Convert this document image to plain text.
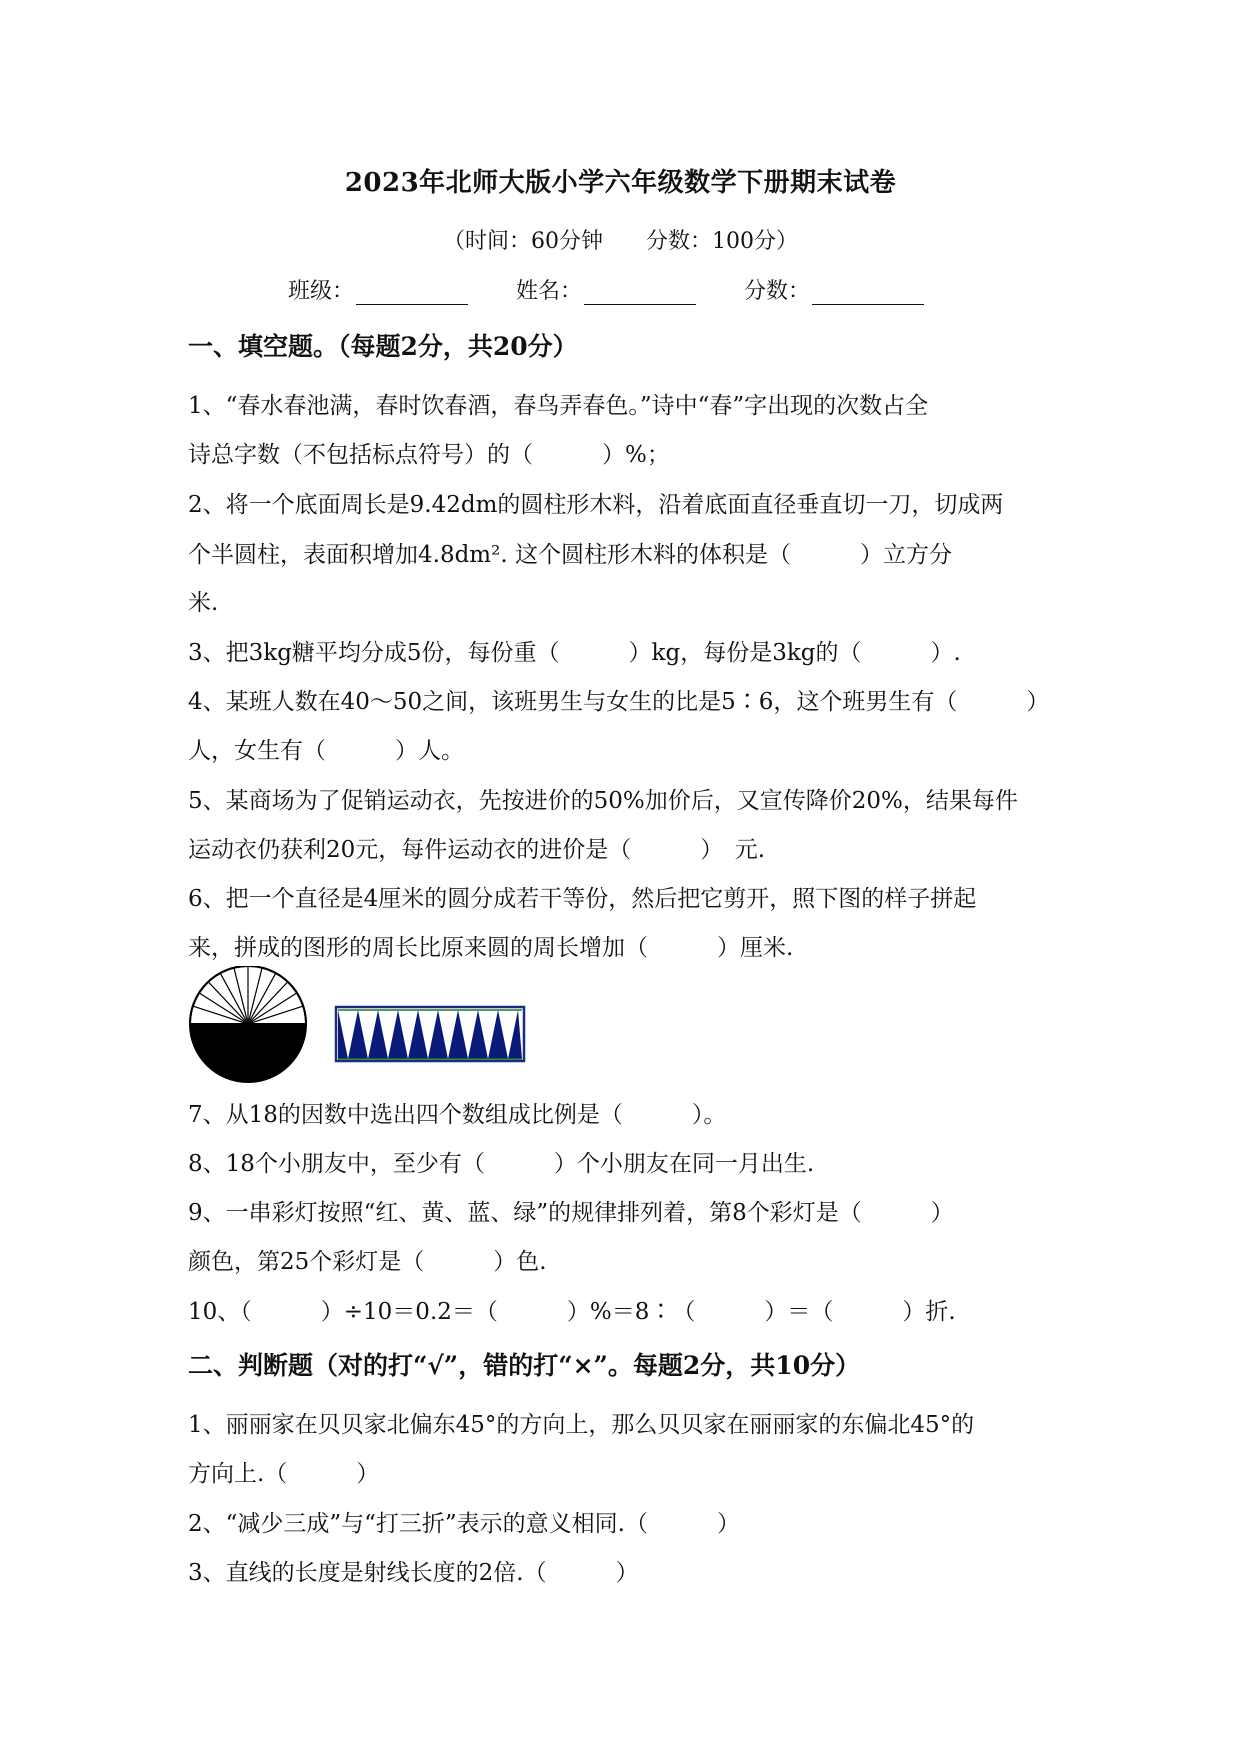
2023年北师大版小学六年级数学下册期末试卷
（时间：60分钟 分数：100分）
班级：	姓名：	分数：
一、填空题。（每题2分，共20分）
1、“春水春池满，春时饮春酒，春鸟弄春色。”诗中“春”字出现的次数占全
诗总字数（不包括标点符号）的（　　　）%；
2、将一个底面周长是9.42dm的圆柱形木料，沿着底面直径垂直切一刀，切成两
个半圆柱，表面积增加4.8dm². 这个圆柱形木料的体积是（　　　）立方分
米.
3、把3kg糖平均分成5份，每份重（　　　）kg，每份是3kg的（　　　）.
4、某班人数在40～50之间，该班男生与女生的比是5∶6，这个班男生有（　　　）
人，女生有（　　　）人。
5、某商场为了促销运动衣，先按进价的50%加价后，又宣传降价20%，结果每件
运动衣仍获利20元，每件运动衣的进价是（　　　）　元.
6、把一个直径是4厘米的圆分成若干等份，然后把它剪开，照下图的样子拼起
来，拼成的图形的周长比原来圆的周长增加（　　　）厘米.
7、从18的因数中选出四个数组成比例是（　　　）。
8、18个小朋友中，至少有（　　　）个小朋友在同一月出生.
9、一串彩灯按照“红、黄、蓝、绿”的规律排列着，第8个彩灯是（　　　）
颜色，第25个彩灯是（　　　）色.
10、（　　　）÷10＝0.2＝（　　　）%＝8∶（　　　）＝（　　　）折.
二、判断题（对的打“√”，错的打“×”。每题2分，共10分）
1、丽丽家在贝贝家北偏东45°的方向上，那么贝贝家在丽丽家的东偏北45°的
方向上.（　　　）
2、“减少三成”与“打三折”表示的意义相同.（　　　）
3、直线的长度是射线长度的2倍.（　　　）
